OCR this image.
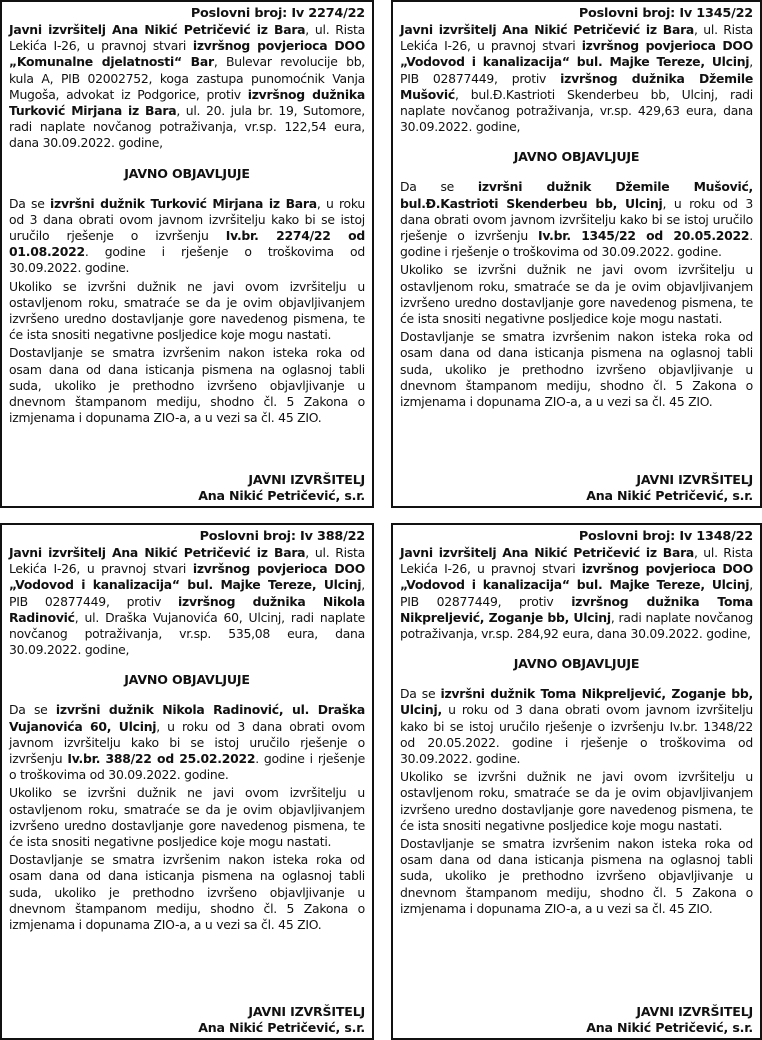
Poslovni broj: Iv 2274/22

Javni izvršitelj Ana Nikić Petričević iz Bara, ul. Rista Lekića I-26, u pravnoj stvari izvršnog povjerioca DOO „Komunalne djelatnosti“ Bar, Bulevar revolucije bb, kula A, PIB 02002752, koga zastupa punomoćnik Vanja Mugoša, advokat iz Podgorice, protiv izvršnog dužnika Turković Mirjana iz Bara, ul. 20. jula br. 19, Sutomore, radi naplate novčanog potraživanja, vr.sp. 122,54 eura, dana 30.09.2022. godine,

JAVNO OBJAVLJUJE

Da se izvršni dužnik Turković Mirjana iz Bara, u roku od 3 dana obrati ovom javnom izvršitelju kako bi se istoj uručilo rješenje o izvršenju Iv.br. 2274/22 od 01.08.2022. godine i rješenje o troškovima od 30.09.2022. godine.

Ukoliko se izvršni dužnik ne javi ovom izvršitelju u ostavljenom roku, smatraće se da je ovim objavljivanjem izvršeno uredno dostavljanje gore navedenog pismena, te će ista snositi negativne posljedice koje mogu nastati.

Dostavljanje se smatra izvršenim nakon isteka roka od osam dana od dana isticanja pismena na oglasnoj tabli suda, ukoliko je prethodno izvršeno objavljivanje u dnevnom štampanom mediju, shodno čl. 5 Zakona o izmjenama i dopunama ZIO-a, a u vezi sa čl. 45 ZIO.

JAVNI IZVRŠITELJ

Ana Nikić Petričević, s.r.

Poslovni broj: Iv 1345/22

Javni izvršitelj Ana Nikić Petričević iz Bara, ul. Rista Lekića I-26, u pravnoj stvari izvršnog povjerioca DOO „Vodovod i kanalizacija“ bul. Majke Tereze, Ulcinj, PIB 02877449, protiv izvršnog dužnika Džemile Mušović, bul.Đ.Kastrioti Skenderbeu bb, Ulcinj, radi naplate novčanog potraživanja, vr.sp. 429,63 eura, dana 30.09.2022. godine,

JAVNO OBJAVLJUJE

Da se izvršni dužnik Džemile Mušović, bul.Đ.Kastrioti Skenderbeu bb, Ulcinj, u roku od 3 dana obrati ovom javnom izvršitelju kako bi se istoj uručilo rješenje o izvršenju Iv.br. 1345/22 od 20.05.2022. godine i rješenje o troškovima od 30.09.2022. godine.

Ukoliko se izvršni dužnik ne javi ovom izvršitelju u ostavljenom roku, smatraće se da je ovim objavljivanjem izvršeno uredno dostavljanje gore navedenog pismena, te će ista snositi negativne posljedice koje mogu nastati.

Dostavljanje se smatra izvršenim nakon isteka roka od osam dana od dana isticanja pismena na oglasnoj tabli suda, ukoliko je prethodno izvršeno objavljivanje u dnevnom štampanom mediju, shodno čl. 5 Zakona o izmjenama i dopunama ZIO-a, a u vezi sa čl. 45 ZIO.

JAVNI IZVRŠITELJ

Ana Nikić Petričević, s.r.

Poslovni broj: Iv 388/22

Javni izvršitelj Ana Nikić Petričević iz Bara, ul. Rista Lekića I-26, u pravnoj stvari izvršnog povjerioca DOO „Vodovod i kanalizacija“ bul. Majke Tereze, Ulcinj, PIB 02877449, protiv izvršnog dužnika Nikola Radinović, ul. Draška Vujanovića 60, Ulcinj, radi naplate novčanog potraživanja, vr.sp. 535,08 eura, dana 30.09.2022. godine,

JAVNO OBJAVLJUJE

Da se izvršni dužnik Nikola Radinović, ul. Draška Vujanovića 60, Ulcinj, u roku od 3 dana obrati ovom javnom izvršitelju kako bi se istoj uručilo rješenje o izvršenju Iv.br. 388/22 od 25.02.2022. godine i rješenje o troškovima od 30.09.2022. godine.

Ukoliko se izvršni dužnik ne javi ovom izvršitelju u ostavljenom roku, smatraće se da je ovim objavljivanjem izvršeno uredno dostavljanje gore navedenog pismena, te će ista snositi negativne posljedice koje mogu nastati.

Dostavljanje se smatra izvršenim nakon isteka roka od osam dana od dana isticanja pismena na oglasnoj tabli suda, ukoliko je prethodno izvršeno objavljivanje u dnevnom štampanom mediju, shodno čl. 5 Zakona o izmjenama i dopunama ZIO-a, a u vezi sa čl. 45 ZIO.

JAVNI IZVRŠITELJ

Ana Nikić Petričević, s.r.

Poslovni broj: Iv 1348/22

Javni izvršitelj Ana Nikić Petričević iz Bara, ul. Rista Lekića I-26, u pravnoj stvari izvršnog povjerioca DOO „Vodovod i kanalizacija“ bul. Majke Tereze, Ulcinj, PIB 02877449, protiv izvršnog dužnika Toma Nikpreljević, Zoganje bb, Ulcinj, radi naplate novčanog potraživanja, vr.sp. 284,92 eura, dana 30.09.2022. godine,

JAVNO OBJAVLJUJE

Da se izvršni dužnik Toma Nikpreljević, Zoganje bb, Ulcinj, u roku od 3 dana obrati ovom javnom izvršitelju kako bi se istoj uručilo rješenje o izvršenju Iv.br. 1348/22 od 20.05.2022. godine i rješenje o troškovima od 30.09.2022. godine.

Ukoliko se izvršni dužnik ne javi ovom izvršitelju u ostavljenom roku, smatraće se da je ovim objavljivanjem izvršeno uredno dostavljanje gore navedenog pismena, te će ista snositi negativne posljedice koje mogu nastati.

Dostavljanje se smatra izvršenim nakon isteka roka od osam dana od dana isticanja pismena na oglasnoj tabli suda, ukoliko je prethodno izvršeno objavljivanje u dnevnom štampanom mediju, shodno čl. 5 Zakona o izmjenama i dopunama ZIO-a, a u vezi sa čl. 45 ZIO.

JAVNI IZVRŠITELJ

Ana Nikić Petričević, s.r.
